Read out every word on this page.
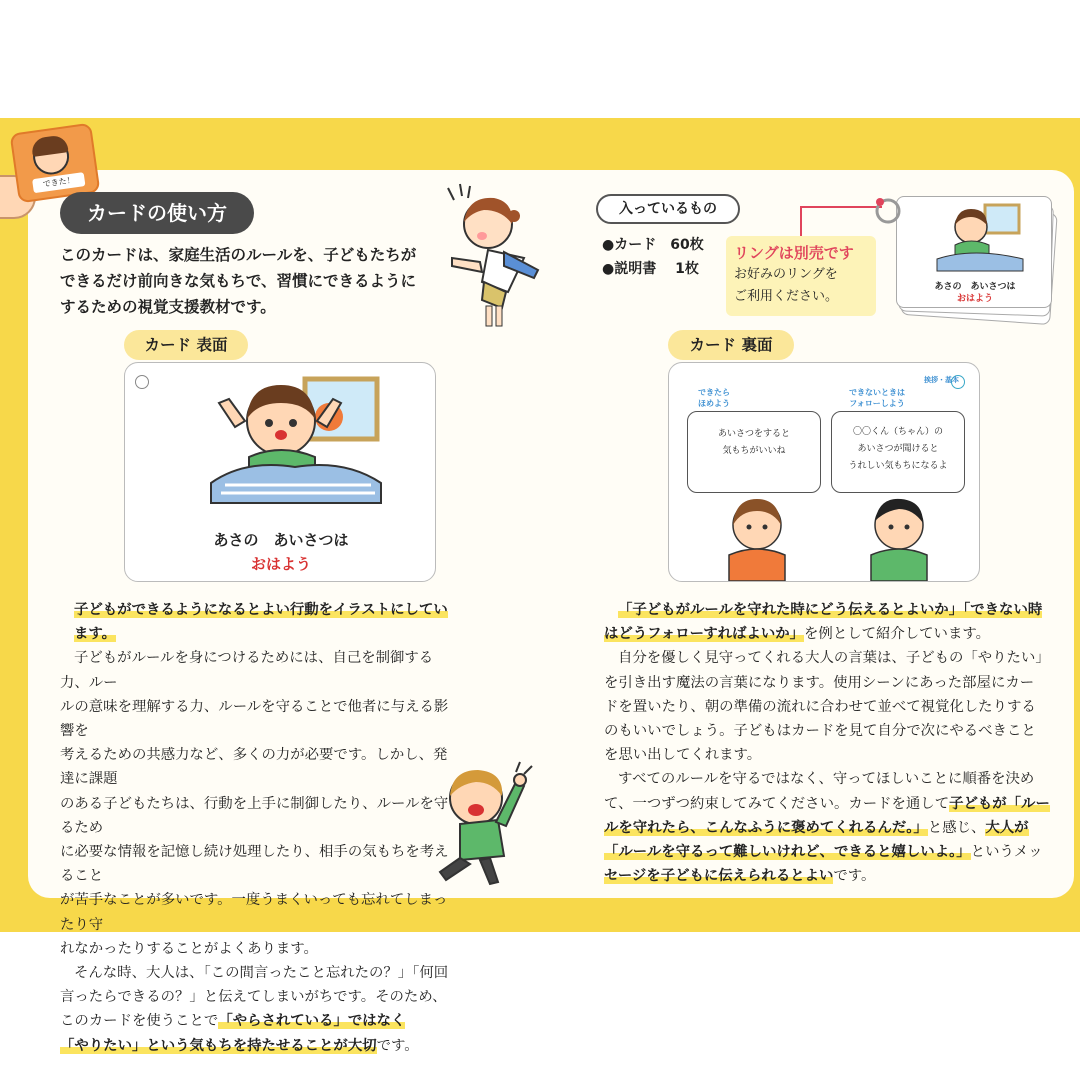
できた！
カードの使い方
このカードは、家庭生活のルールを、子どもたちが
できるだけ前向きな気もちで、習慣にできるように
するための視覚支援教材です。
カード 表面
あさの　あいさつは
おはよう
子どもができるようになるとよい行動をイラストにしています。
子どもがルールを身につけるためには、自己を制御する力、ルー
ルの意味を理解する力、ルールを守ることで他者に与える影響を
考えるための共感力など、多くの力が必要です。しかし、発達に課題
のある子どもたちは、行動を上手に制御したり、ルールを守るため
に必要な情報を記憶し続け処理したり、相手の気もちを考えること
が苦手なことが多いです。一度うまくいっても忘れてしまったり守
れなかったりすることがよくあります。
そんな時、大人は、「この間言ったこと忘れたの？」「何回
言ったらできるの？」と伝えてしまいがちです。そのため、
このカードを使うことで「やらされている」ではなく
「やりたい」という気もちを持たせることが大切です。
入っているもの
●カード　60枚
●説明書　 1枚
リングは別売です
お好みのリングを
ご利用ください。
あさの　あいさつは
おはよう
カード 裏面
挨拶・基本
できたら
ほめよう
できないときは
フォローしよう
あいさつをすると
気もちがいいね
〇〇くん（ちゃん）の
あいさつが聞けると
うれしい気もちになるよ
「子どもがルールを守れた時にどう伝えるとよいか」「できない時
はどうフォローすればよいか」を例として紹介しています。
自分を優しく見守ってくれる大人の言葉は、子どもの「やりたい」
を引き出す魔法の言葉になります。使用シーンにあった部屋にカー
ドを置いたり、朝の準備の流れに合わせて並べて視覚化したりする
のもいいでしょう。子どもはカードを見て自分で次にやるべきこと
を思い出してくれます。
すべてのルールを守るではなく、守ってほしいことに順番を決め
て、一つずつ約束してみてください。カードを通して子どもが「ルー
ルを守れたら、こんなふうに褒めてくれるんだ。」と感じ、大人が
「ルールを守るって難しいけれど、できると嬉しいよ。」というメッ
セージを子どもに伝えられるとよいです。
